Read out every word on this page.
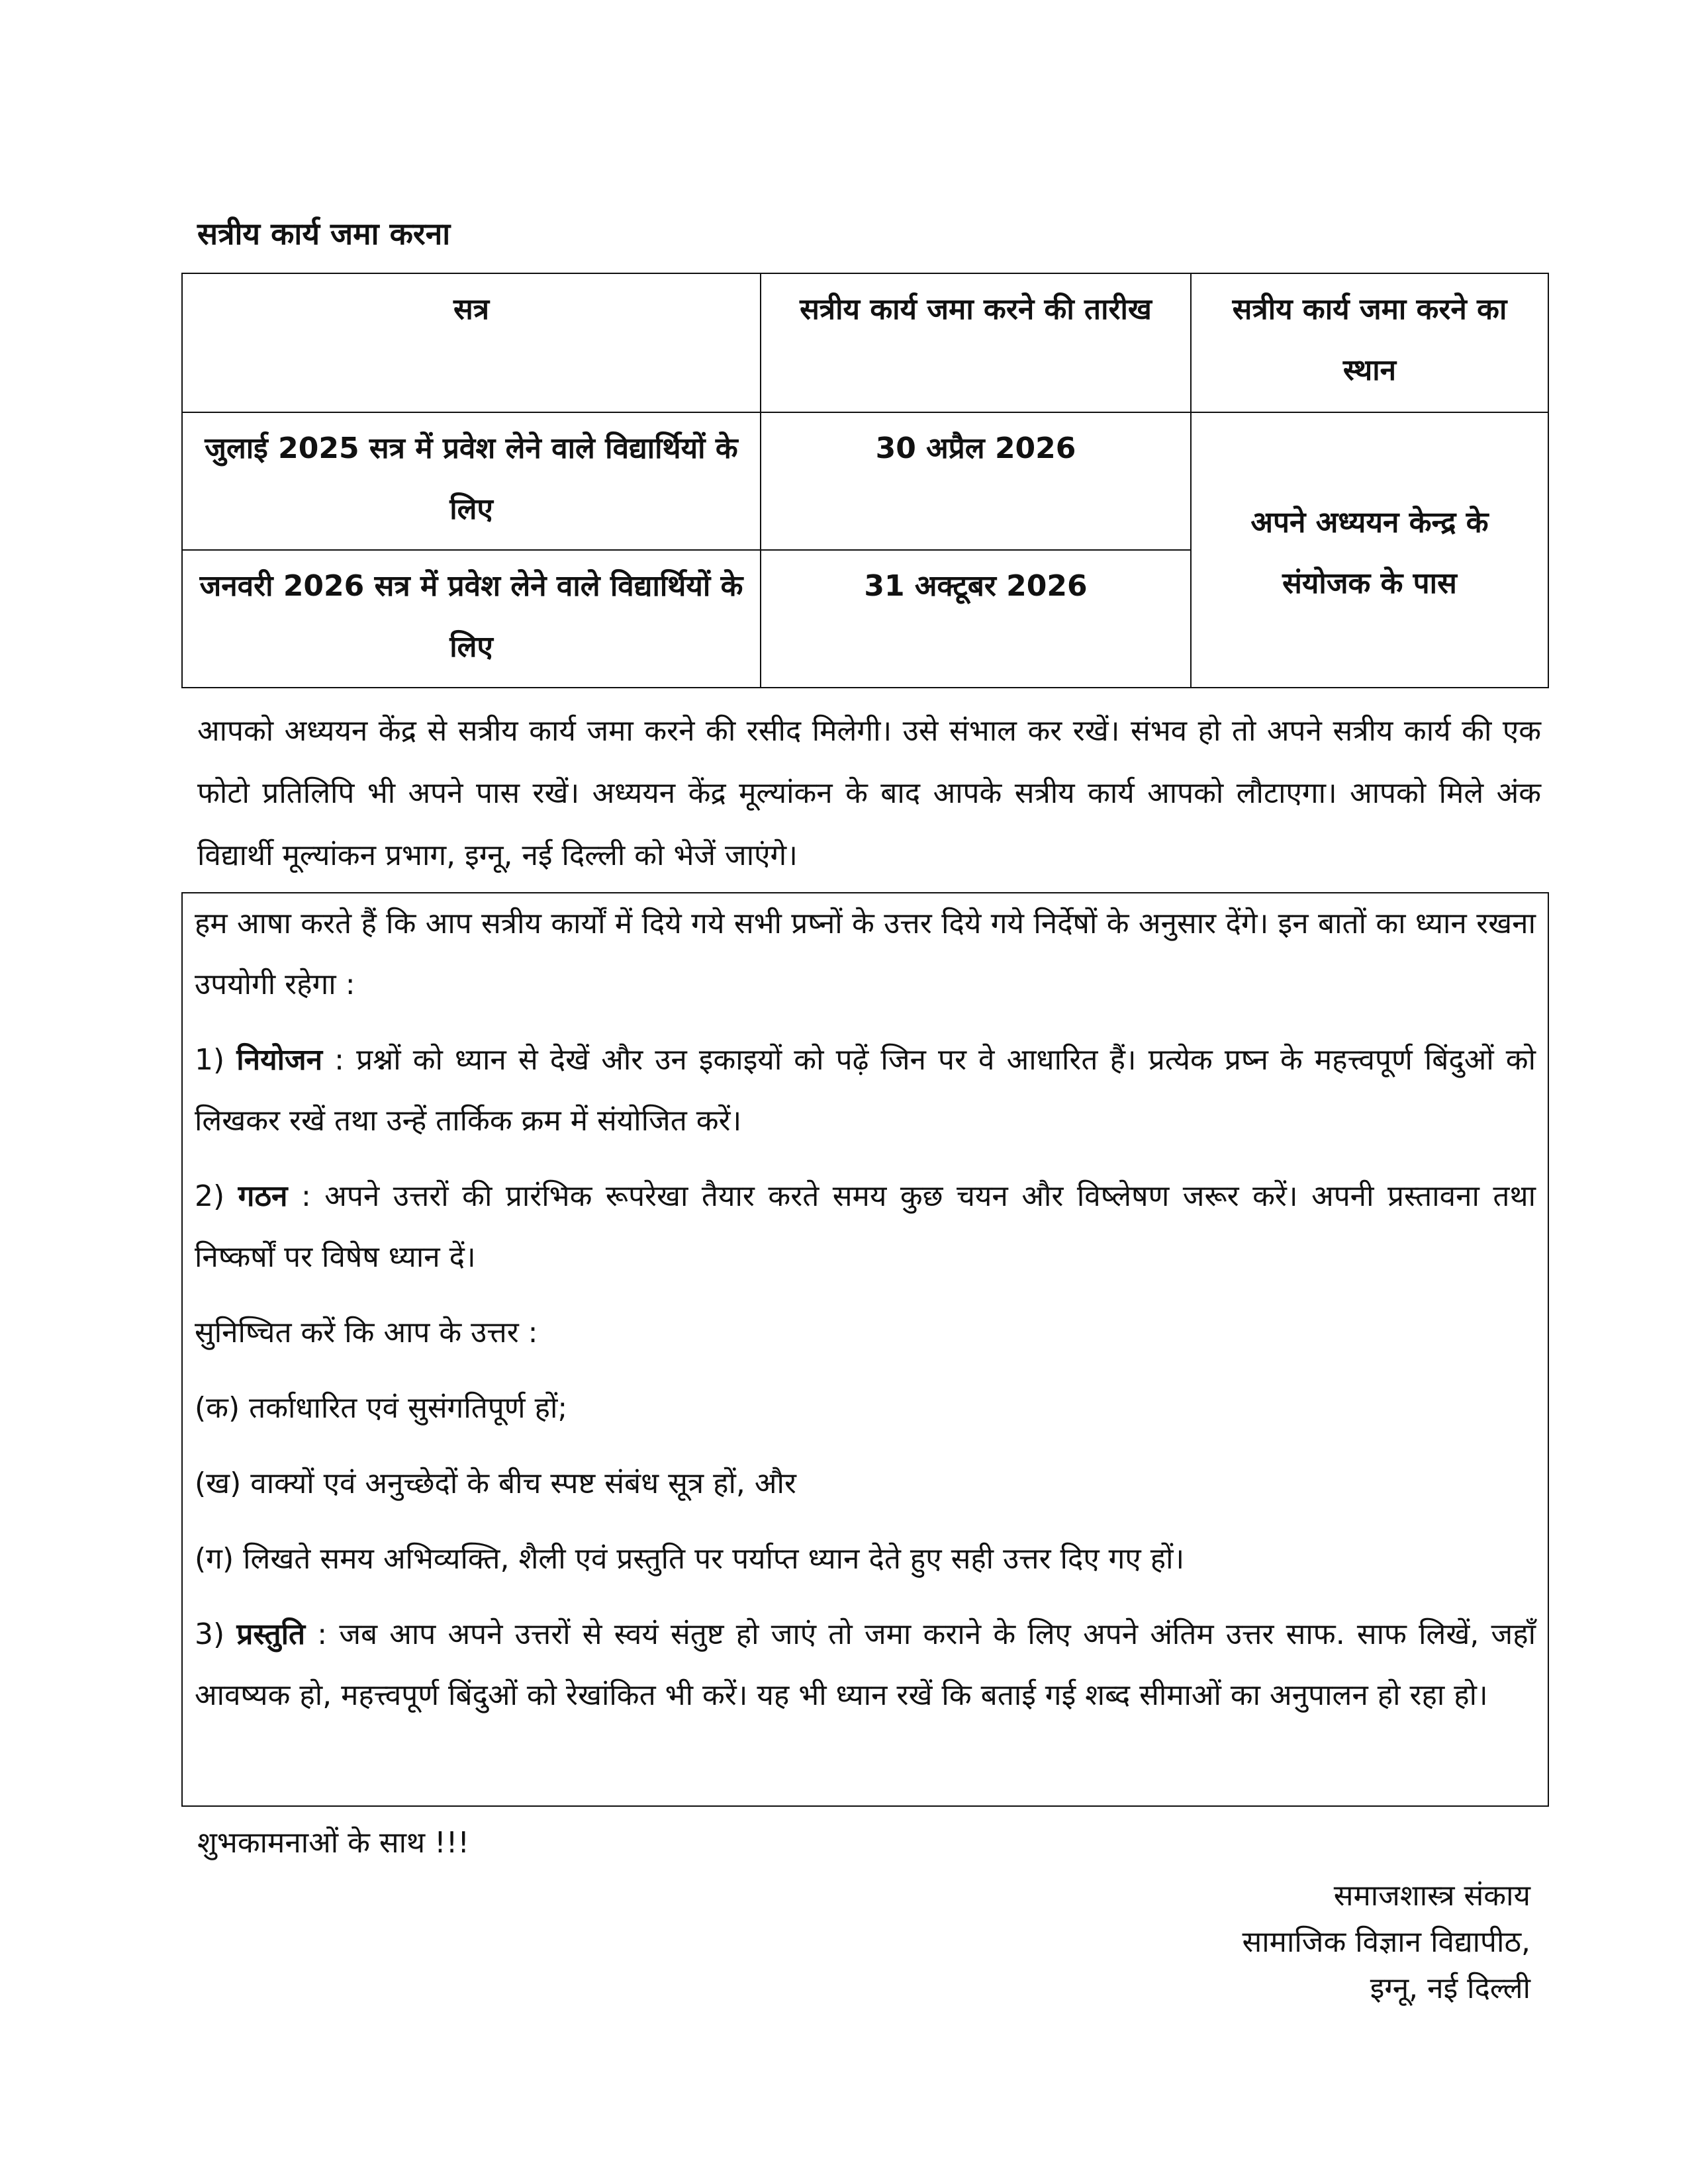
सत्रीय कार्य जमा करना
सत्र	सत्रीय कार्य जमा करने की तारीख	सत्रीय कार्य जमा करने का स्थान
जुलाई 2025 सत्र में प्रवेश लेने वाले विद्यार्थियों के लिए	30 अप्रैल 2026	अपने अध्ययन केन्द्र के संयोजक के पास
जनवरी 2026 सत्र में प्रवेश लेने वाले विद्यार्थियों के लिए	31 अक्टूबर 2026	
आपको अध्ययन केंद्र से सत्रीय कार्य जमा करने की रसीद मिलेगी। उसे संभाल कर रखें। संभव हो तो अपने सत्रीय कार्य की एक फोटो प्रतिलिपि भी अपने पास रखें। अध्ययन केंद्र मूल्यांकन के बाद आपके सत्रीय कार्य आपको लौटाएगा। आपको मिले अंक विद्यार्थी मूल्यांकन प्रभाग, इग्नू, नई दिल्ली को भेजें जाएंगे।

हम आषा करते हैं कि आप सत्रीय कार्यों में दिये गये सभी प्रष्नों के उत्तर दिये गये निर्देषों के अनुसार देंगे। इन बातों का ध्यान रखना उपयोगी रहेगा :

1) नियोजन : प्रश्नों को ध्यान से देखें और उन इकाइयों को पढ़ें जिन पर वे आधारित हैं। प्रत्येक प्रष्न के महत्त्वपूर्ण बिंदुओं को लिखकर रखें तथा उन्हें तार्किक क्रम में संयोजित करें।

2) गठन : अपने उत्तरों की प्रारंभिक रूपरेखा तैयार करते समय कुछ चयन और विष्लेषण जरूर करें। अपनी प्रस्तावना तथा निष्कर्षों पर विषेष ध्यान दें।

सुनिष्चित करें कि आप के उत्तर :

(क) तर्काधारित एवं सुसंगतिपूर्ण हों;

(ख) वाक्यों एवं अनुच्छेदों के बीच स्पष्ट संबंध सूत्र हों, और

(ग) लिखते समय अभिव्यक्ति, शैली एवं प्रस्तुति पर पर्याप्त ध्यान देते हुए सही उत्तर दिए गए हों।

3) प्रस्तुति : जब आप अपने उत्तरों से स्वयं संतुष्ट हो जाएं तो जमा कराने के लिए अपने अंतिम उत्तर साफ. साफ लिखें, जहाँ आवष्यक हो, महत्त्वपूर्ण बिंदुओं को रेखांकित भी करें। यह भी ध्यान रखें कि बताई गई शब्द सीमाओं का अनुपालन हो रहा हो।

शुभकामनाओं के साथ !!!
समाजशास्त्र संकाय
सामाजिक विज्ञान विद्यापीठ,
इग्नू, नई दिल्ली
